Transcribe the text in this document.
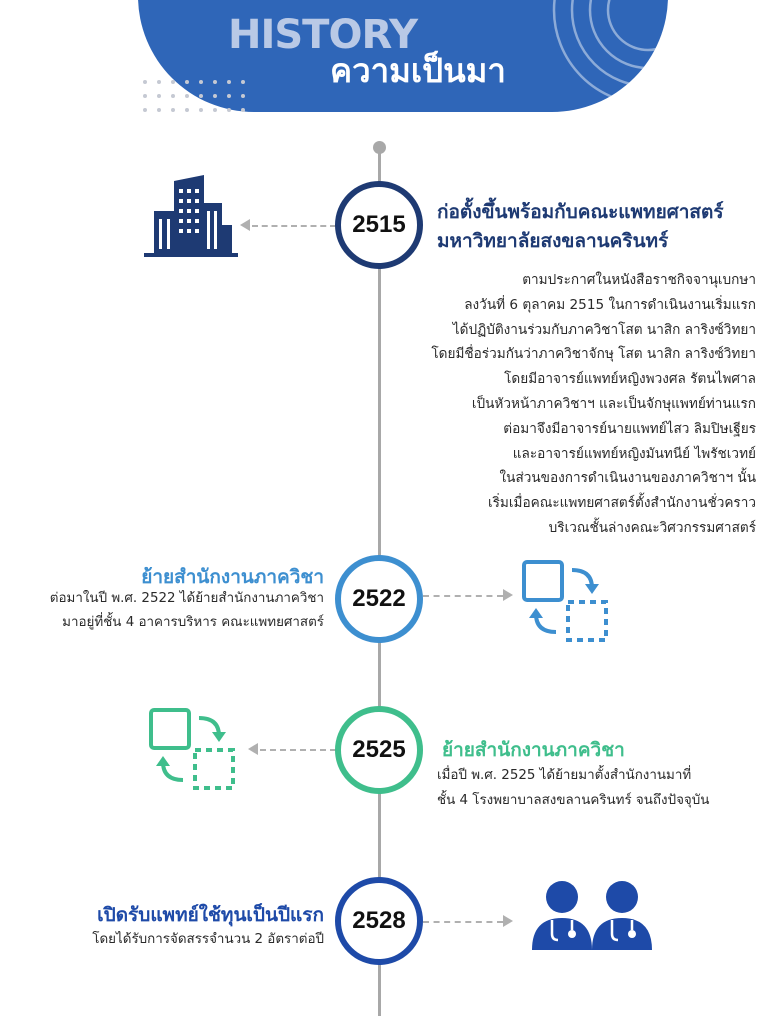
HISTORY
ความเป็นมา
2515	ก่อตั้งขึ้นพร้อมกับคณะแพทยศาสตร์
มหาวิทยาลัยสงขลานครินทร์
ตามประกาศในหนังสือราชกิจจานุเบกษา
ลงวันที่ 6 ตุลาคม 2515 ในการดำเนินงานเริ่มแรก
ได้ปฏิบัติงานร่วมกับภาควิชาโสต นาสิก ลาริงซ์วิทยา
โดยมีชื่อร่วมกันว่าภาควิชาจักษุ โสต นาสิก ลาริงซ์วิทยา
โดยมีอาจารย์แพทย์หญิงพวงศล รัตนไพศาล
เป็นหัวหน้าภาควิชาฯ และเป็นจักษุแพทย์ท่านแรก
ต่อมาจึงมีอาจารย์นายแพทย์ไสว ลิมปิษเฐียร
และอาจารย์แพทย์หญิงมันทนีย์ ไพรัชเวทย์
ในส่วนของการดำเนินงานของภาควิชาฯ นั้น
เริ่มเมื่อคณะแพทยศาสตร์ตั้งสำนักงานชั่วคราว
บริเวณชั้นล่างคณะวิศวกรรมศาสตร์
ย้ายสำนักงานภาควิชา
ต่อมาในปี พ.ศ. 2522 ได้ย้ายสำนักงานภาควิชา
มาอยู่ที่ชั้น 4 อาคารบริหาร คณะแพทยศาสตร์
2522
2525	ย้ายสำนักงานภาควิชา
เมื่อปี พ.ศ. 2525 ได้ย้ายมาตั้งสำนักงานมาที่
ชั้น 4 โรงพยาบาลสงขลานครินทร์ จนถึงปัจจุบัน
เปิดรับแพทย์ใช้ทุนเป็นปีแรก
โดยได้รับการจัดสรรจำนวน 2 อัตราต่อปี
2528
